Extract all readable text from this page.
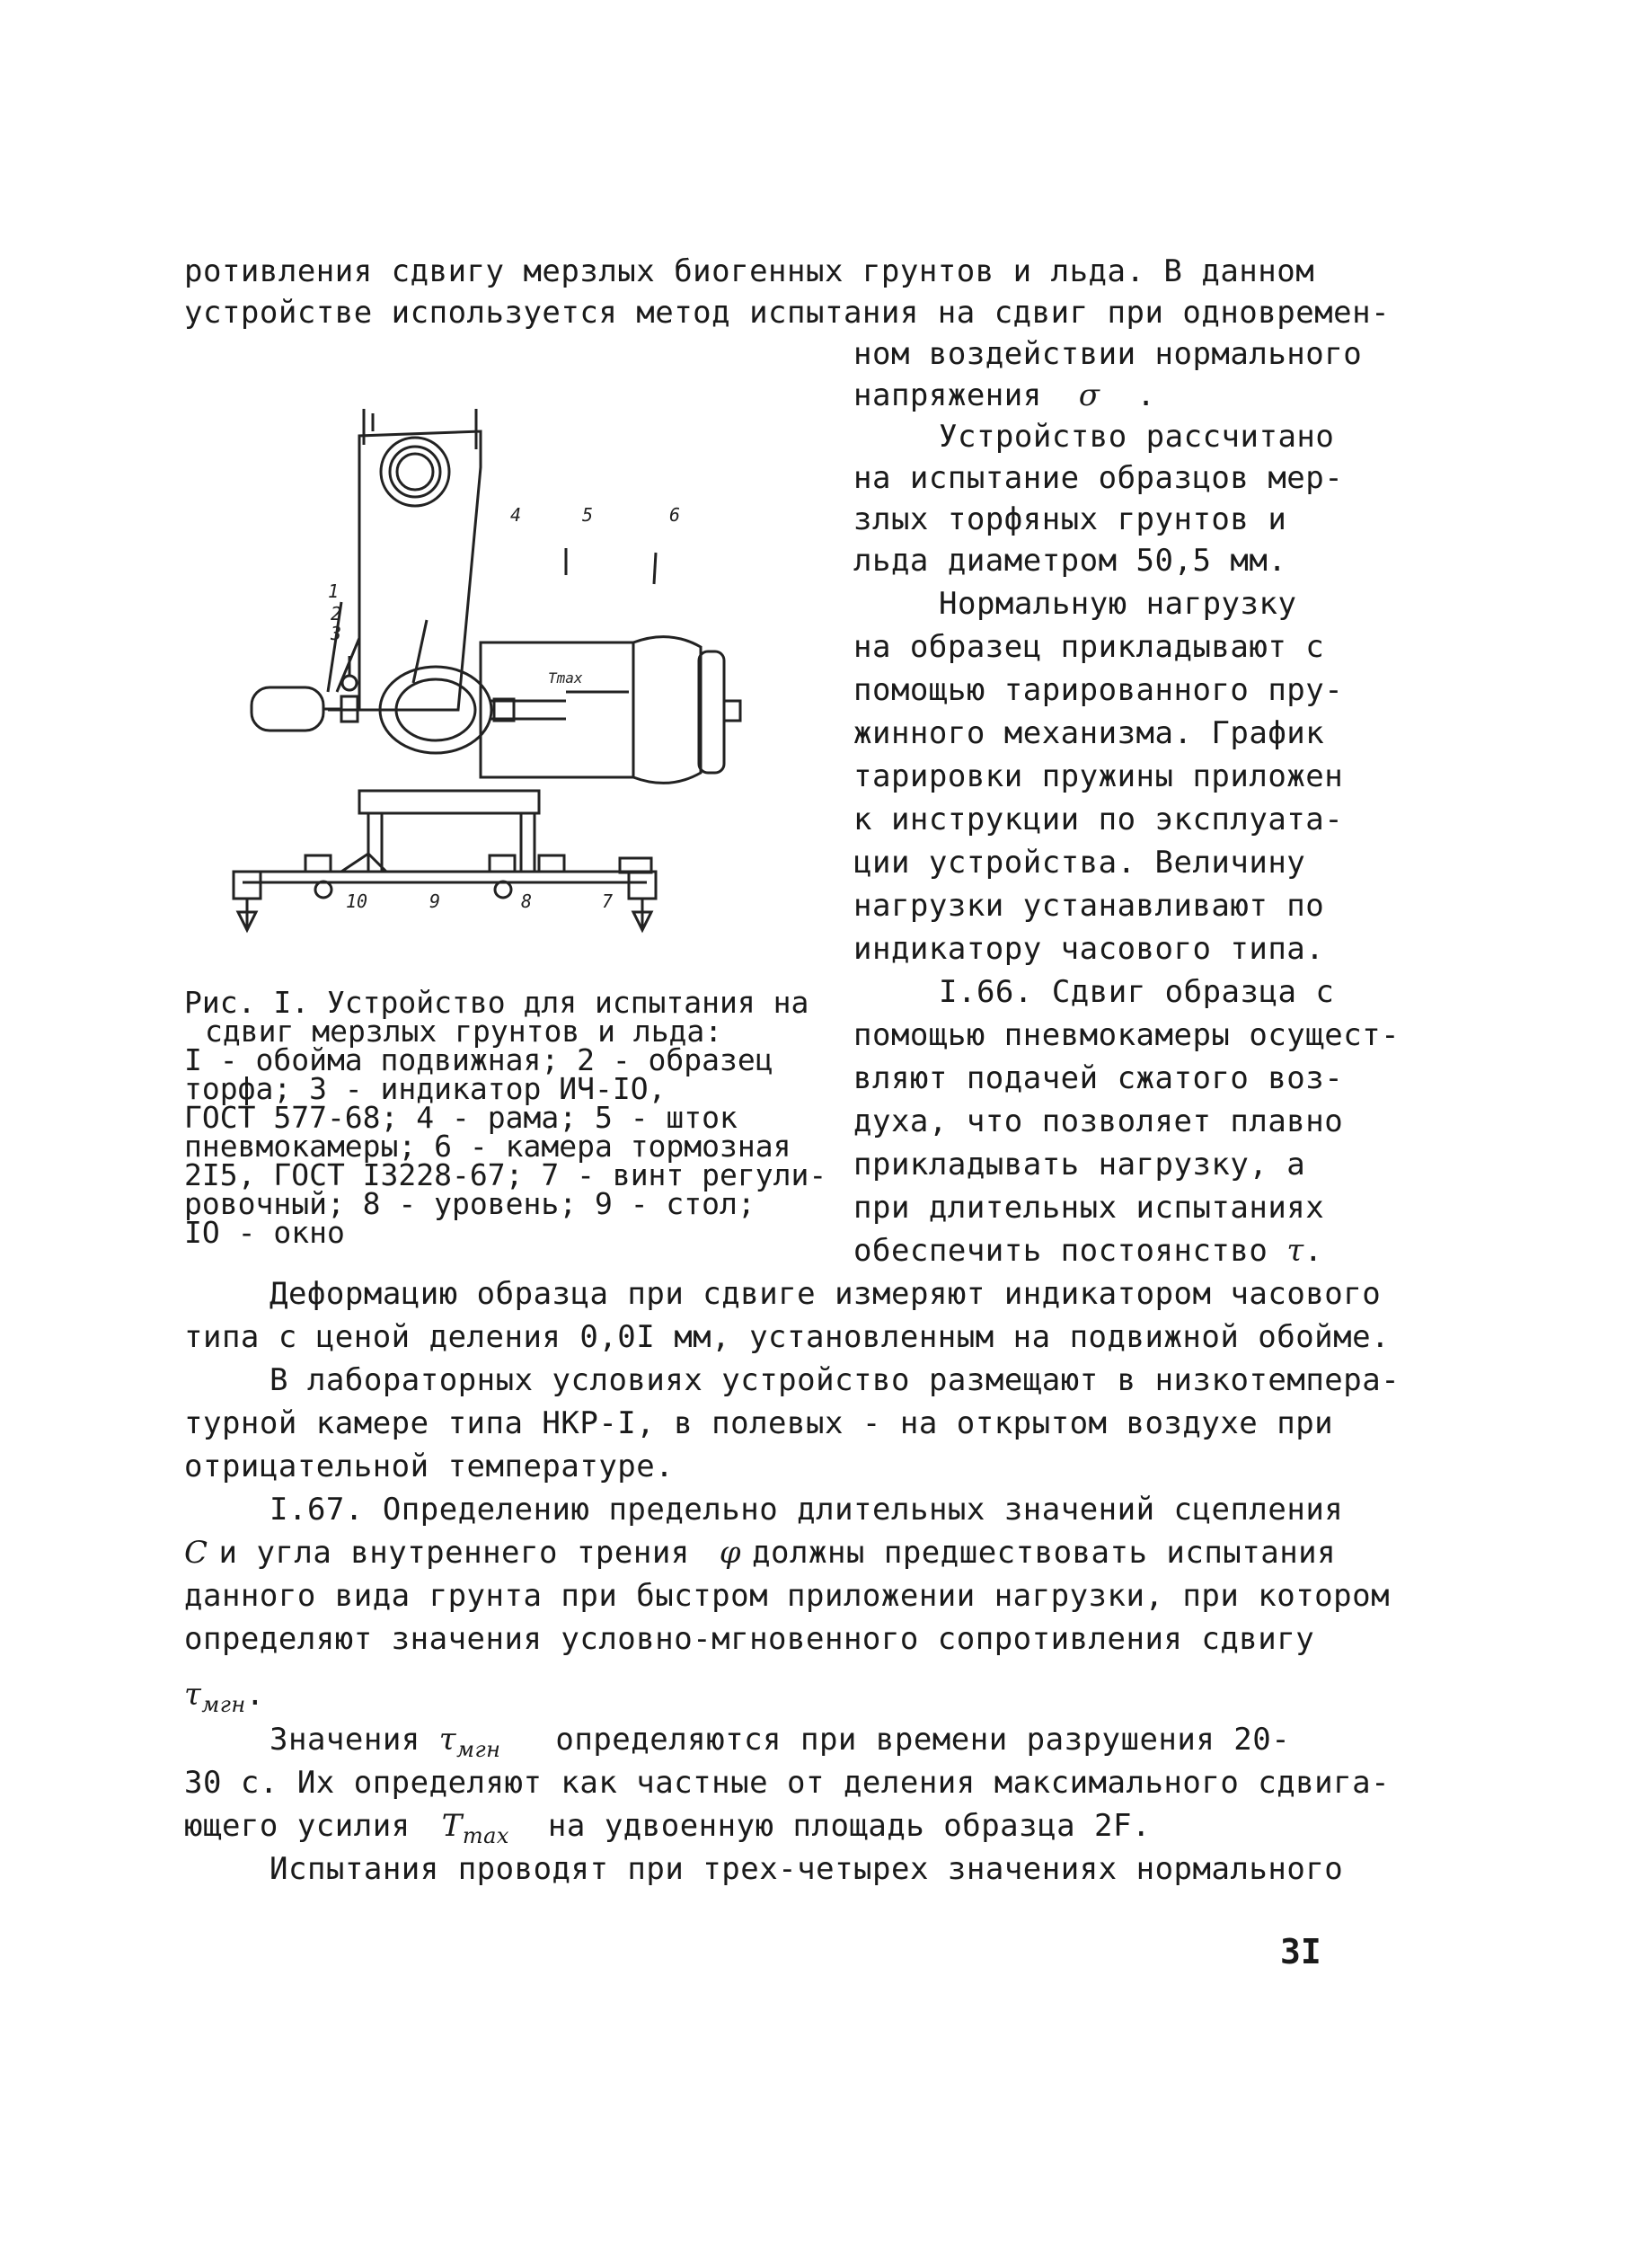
ротивления сдвигу мерзлых биогенных грунтов и льда. В данном
устройстве используется метод испытания на сдвиг при одновремен-
ном воздействии нормального
напряжения σ .
Устройство рассчитано
на испытание образцов мер-
злых торфяных грунтов и
льда диаметром 50,5 мм.
Нормальную нагрузку
на образец прикладывают с
помощью тарированного пру-
жинного механизма. График
тарировки пружины приложен
к инструкции по эксплуата-
ции устройства. Величину
нагрузки устанавливают по
индикатору часового типа.
I.66. Сдвиг образца с
помощью пневмокамеры осущест-
вляют подачей сжатого воз-
духа, что позволяет плавно
прикладывать нагрузку, а
при длительных испытаниях
обеспечить постоянство τ.
1
2
3
4	5	6
7
8
9
10
Tmax
Рис. I. Устройство для испытания на
сдвиг мерзлых грунтов и льда:
I - обойма подвижная; 2 - образец
торфа; 3 - индикатор ИЧ-IO,
ГОСТ 577-68; 4 - рама; 5 - шток
пневмокамеры; 6 - камера тормозная
2I5, ГОСТ I3228-67; 7 - винт регули-
ровочный; 8 - уровень; 9 - стол;
IO - окно
Деформацию образца при сдвиге измеряют индикатором часового
типа с ценой деления 0,0I мм, установленным на подвижной обойме.
В лабораторных условиях устройство размещают в низкотемпера-
турной камере типа НКР-I, в полевых - на открытом воздухе при
отрицательной температуре.
I.67. Определению предельно длительных значений сцепления
C и угла внутреннего трения φ должны предшествовать испытания
данного вида грунта при быстром приложении нагрузки, при котором
определяют значения условно-мгновенного сопротивления сдвигу
$\tau_{мгн}$.
Значения $\tau_{мгн}$ определяются при времени разрушения 20-
30 с. Их определяют как частные от деления максимального сдвига-
ющего усилия $T_{max}$ на удвоенную площадь образца 2F.
Испытания проводят при трех-четырех значениях нормального
3I
